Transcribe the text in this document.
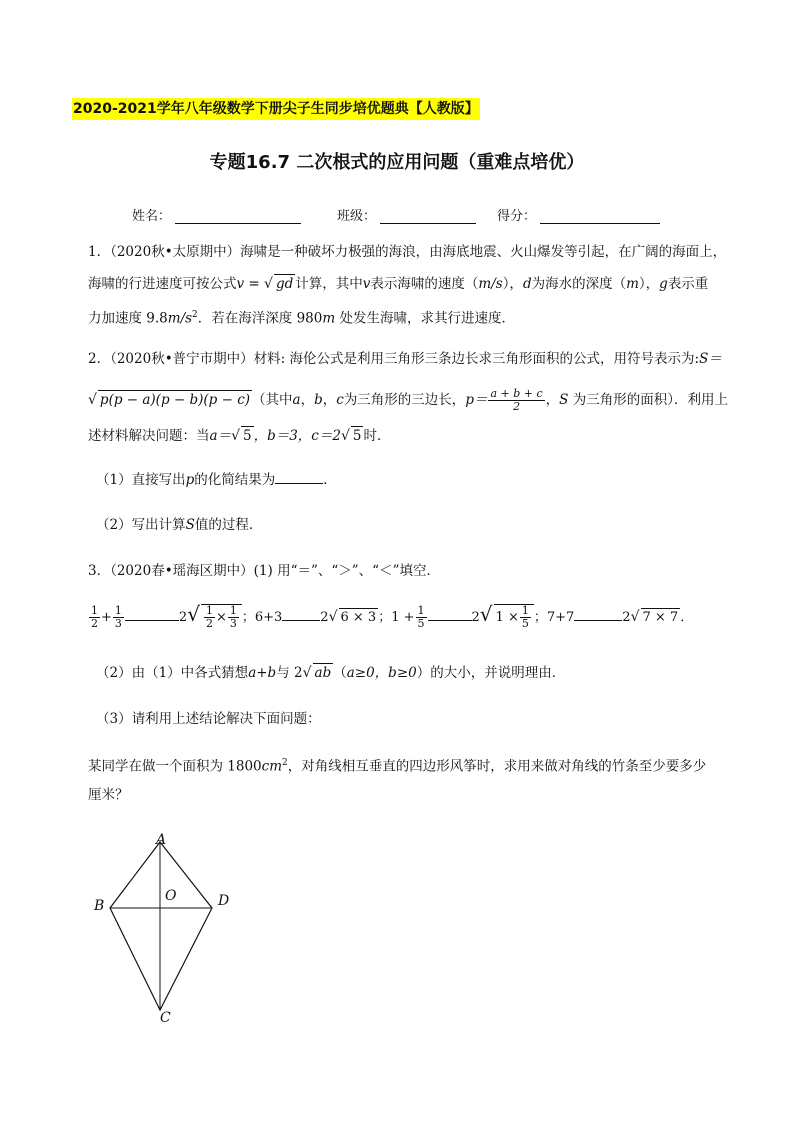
2020-2021学年八年级数学下册尖子生同步培优题典【人教版】
专题16.7 二次根式的应用问题（重难点培优）
姓名：	班级：	得分：
1．（2020秋•太原期中）海啸是一种破坏力极强的海浪，由海底地震、火山爆发等引起，在广阔的海面上，
海啸的行进速度可按公式v = √ gd 计算，其中v表示海啸的速度（m/s），d为海水的深度（m），g表示重
力加速度 $9.8m/s^2$．若在海洋深度 980m 处发生海啸，求其行进速度．
2．（2020秋•普宁市期中）材料: 海伦公式是利用三角形三条边长求三角形面积的公式，用符号表示为:S＝
√ p(p − a)(p − b)(p − c) （其中a，b，c为三角形的三边长，$p= \frac{a + b + c}{2}$ ，S 为三角形的面积）．利用上
述材料解决问题：当a＝√ 5 ，b＝3，c＝2√ 5 时．
（1）直接写出p的化简结果为	．
（2）写出计算S值的过程．
3．（2020春•瑶海区期中）(1) 用“＝”、“＞”、“＜”填空．
$\frac{1}{2} + \frac{1}{3}$	$2√ \frac{1}{2} \times \frac{1}{3}$ ；6+3	2√ 6 × 3 ；$1 + \frac{1}{5}$	2√ $1 \times \frac{1}{5}$ ；7+7	2√ 7 × 7 ．
（2）由（1）中各式猜想a+b与 2√ ab （a≥0，b≥0）的大小，并说明理由．
（3）请利用上述结论解决下面问题：
某同学在做一个面积为 $1800cm^2$，对角线相互垂直的四边形风筝时，求用来做对角线的竹条至少要多少
厘米？
A
B
O	D
C
